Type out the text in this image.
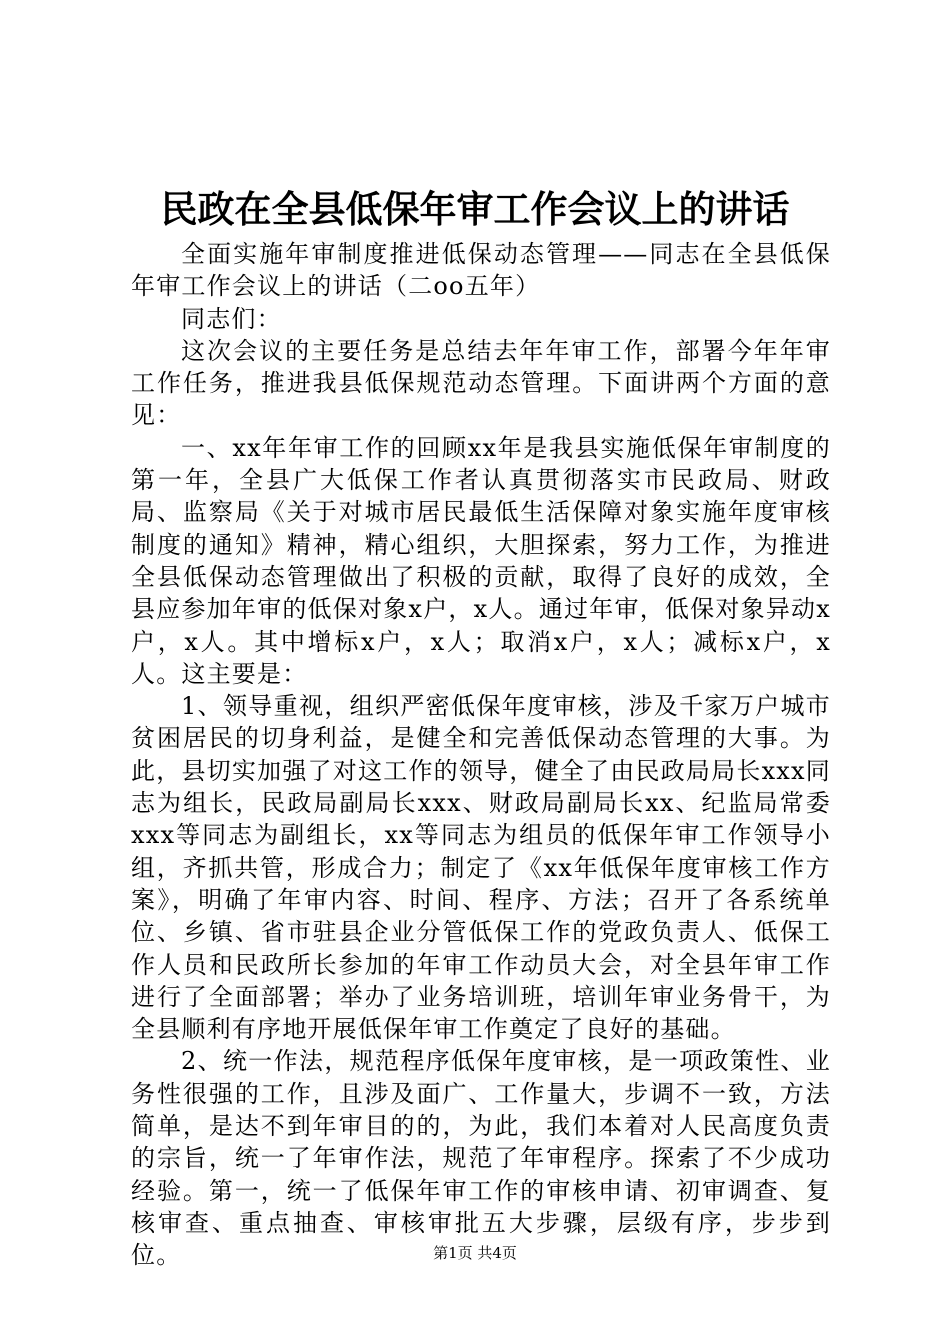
民政在全县低保年审工作会议上的讲话

全面实施年审制度推进低保动态管理——同志在全县低保年审工作会议上的讲话（二oo五年）

同志们：

这次会议的主要任务是总结去年年审工作，部署今年年审工作任务，推进我县低保规范动态管理。下面讲两个方面的意见：

一、xx年年审工作的回顾xx年是我县实施低保年审制度的第一年，全县广大低保工作者认真贯彻落实市民政局、财政局、监察局《关于对城市居民最低生活保障对象实施年度审核制度的通知》精神，精心组织，大胆探索，努力工作，为推进全县低保动态管理做出了积极的贡献，取得了良好的成效，全县应参加年审的低保对象x户，x人。通过年审，低保对象异动x户，x人。其中增标x户，x人；取消x户，x人；减标x户，x人。这主要是：

1、领导重视，组织严密低保年度审核，涉及千家万户城市贫困居民的切身利益，是健全和完善低保动态管理的大事。为此，县切实加强了对这工作的领导，健全了由民政局局长xxx同志为组长，民政局副局长xxx、财政局副局长xx、纪监局常委xxx等同志为副组长，xx等同志为组员的低保年审工作领导小组，齐抓共管，形成合力；制定了《xx年低保年度审核工作方案》，明确了年审内容、时间、程序、方法；召开了各系统单位、乡镇、省市驻县企业分管低保工作的党政负责人、低保工作人员和民政所长参加的年审工作动员大会，对全县年审工作进行了全面部署；举办了业务培训班，培训年审业务骨干，为全县顺利有序地开展低保年审工作奠定了良好的基础。

2、统一作法，规范程序低保年度审核，是一项政策性、业务性很强的工作，且涉及面广、工作量大，步调不一致，方法简单，是达不到年审目的的，为此，我们本着对人民高度负责的宗旨，统一了年审作法，规范了年审程序。探索了不少成功经验。第一，统一了低保年审工作的审核申请、初审调查、复核审查、重点抽查、审核审批五大步骤，层级有序，步步到位。	第1页 共4页
